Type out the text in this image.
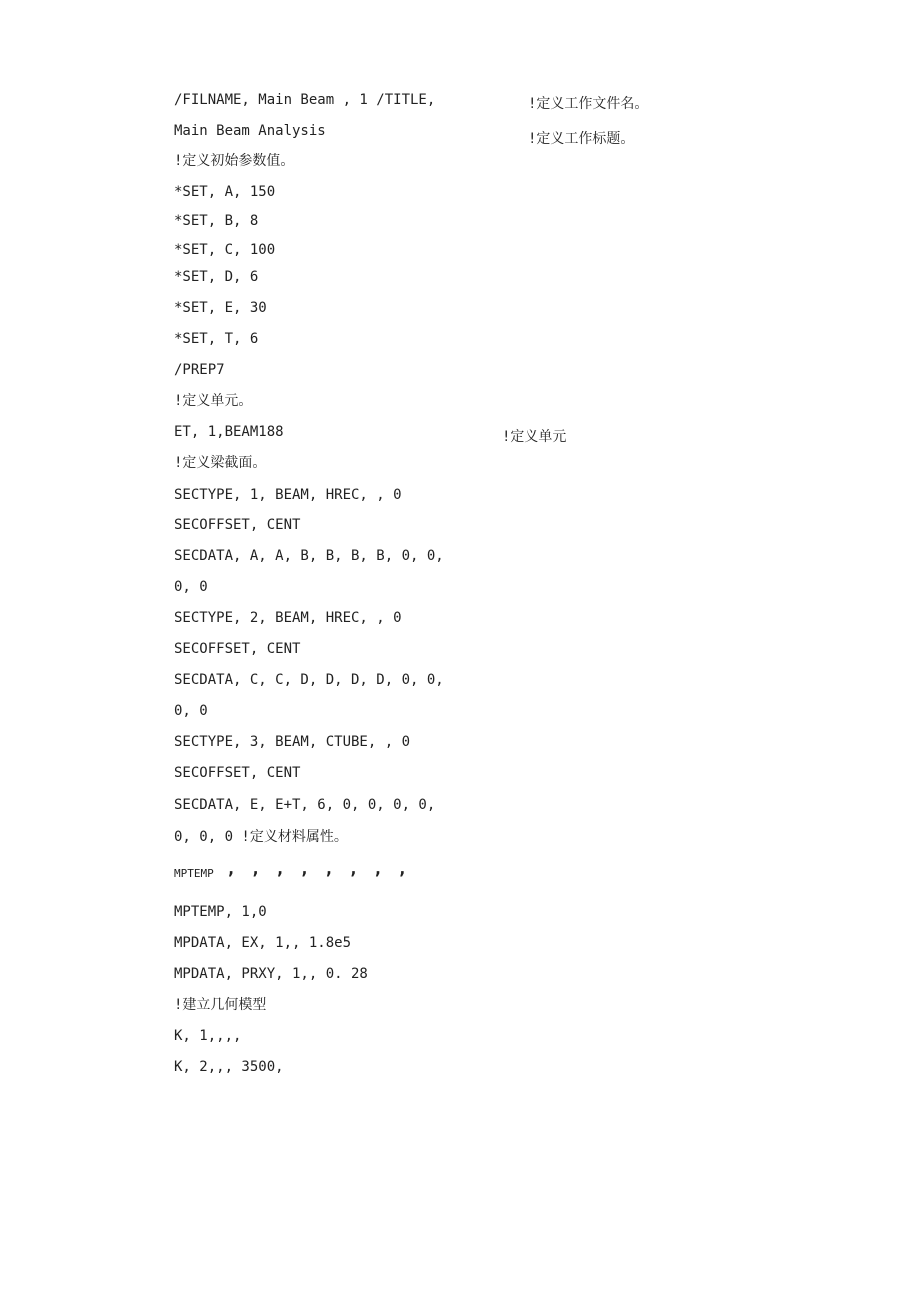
/FILNAME, Main Beam , 1 /TITLE,
Main Beam Analysis
!定义初始参数值。
*SET, A, 150
*SET, B, 8
*SET, C, 100
*SET, D, 6
*SET, E, 30
*SET, T, 6
/PREP7
!定义单元。
ET, 1,BEAM188
!定义梁截面。
SECTYPE, 1, BEAM, HREC, , 0
SECOFFSET, CENT
SECDATA, A, A, B, B, B, B, 0, 0,
0, 0
SECTYPE, 2, BEAM, HREC, , 0
SECOFFSET, CENT
SECDATA, C, C, D, D, D, D, 0, 0,
0, 0
SECTYPE, 3, BEAM, CTUBE, , 0
SECOFFSET, CENT
SECDATA, E, E+T, 6, 0, 0, 0, 0,
0, 0, 0 !定义材料属性。
MPTEMP , , , , , , , ,
MPTEMP, 1,0
MPDATA, EX, 1,, 1.8e5
MPDATA, PRXY, 1,, 0. 28
!建立几何模型
K, 1,,,,
K, 2,,, 3500,
!定义工作文件名。
!定义工作标题。
!定义单元
